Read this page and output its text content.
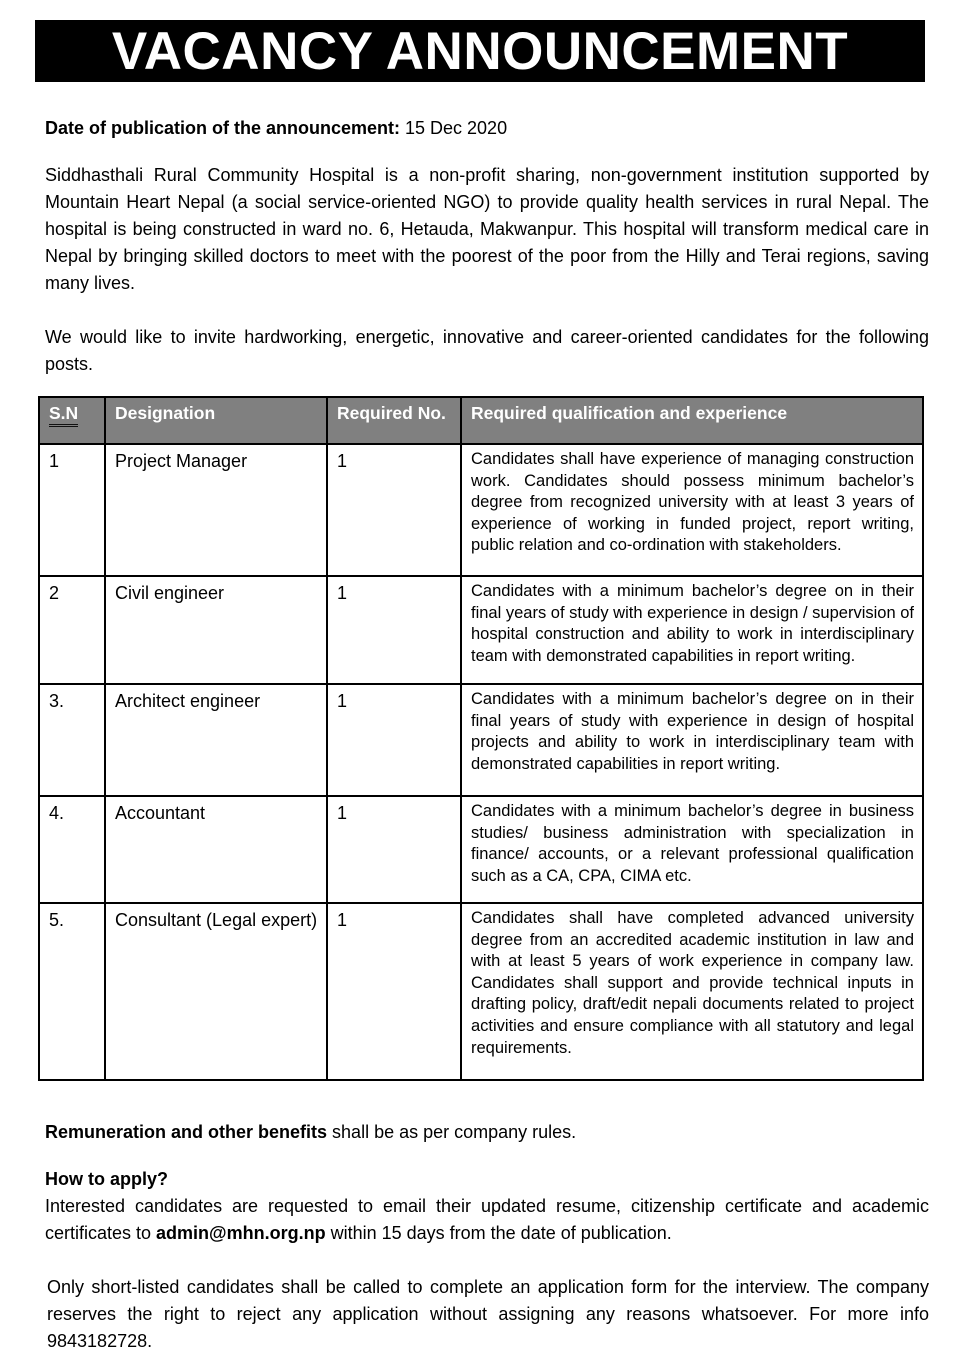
VACANCY ANNOUNCEMENT
Date of publication of the announcement: 15 Dec 2020

Siddhasthali Rural Community Hospital is a non-profit sharing, non-government institution supported by Mountain Heart Nepal (a social service-oriented NGO) to provide quality health services in rural Nepal. The hospital is being constructed in ward no. 6, Hetauda, Makwanpur. This hospital will transform medical care in Nepal by bringing skilled doctors to meet with the poorest of the poor from the Hilly and Terai regions, saving many lives.

We would like to invite hardworking, energetic, innovative and career-oriented candidates for the following posts.

S.N	Designation	Required No.	Required qualification and experience
1	Project Manager	1	Candidates shall have experience of managing construction work. Candidates should possess minimum bachelor’s degree from recognized university with at least 3 years of experience of working in funded project, report writing, public relation and co-ordination with stakeholders.
2	Civil engineer	1	Candidates with a minimum bachelor’s degree on in their final years of study with experience in design / supervision of hospital construction and ability to work in interdisciplinary team with demonstrated capabilities in report writing.
3.	Architect engineer	1	Candidates with a minimum bachelor’s degree on in their final years of study with experience in design of hospital projects and ability to work in interdisciplinary team with demonstrated capabilities in report writing.
4.	Accountant	1	Candidates with a minimum bachelor’s degree in business studies/ business administration with specialization in finance/ accounts, or a relevant professional qualification such as a CA, CPA, CIMA etc.
5.	Consultant (Legal expert)	1	Candidates shall have completed advanced university degree from an accredited academic institution in law and with at least 5 years of work experience in company law. Candidates shall support and provide technical inputs in drafting policy, draft/edit nepali documents related to project activities and ensure compliance with all statutory and legal requirements.
Remuneration and other benefits shall be as per company rules.

How to apply?

Interested candidates are requested to email their updated resume, citizenship certificate and academic certificates to admin@mhn.org.np within 15 days from the date of publication.

Only short-listed candidates shall be called to complete an application form for the interview. The company reserves the right to reject any application without assigning any reasons whatsoever. For more info 9843182728.
